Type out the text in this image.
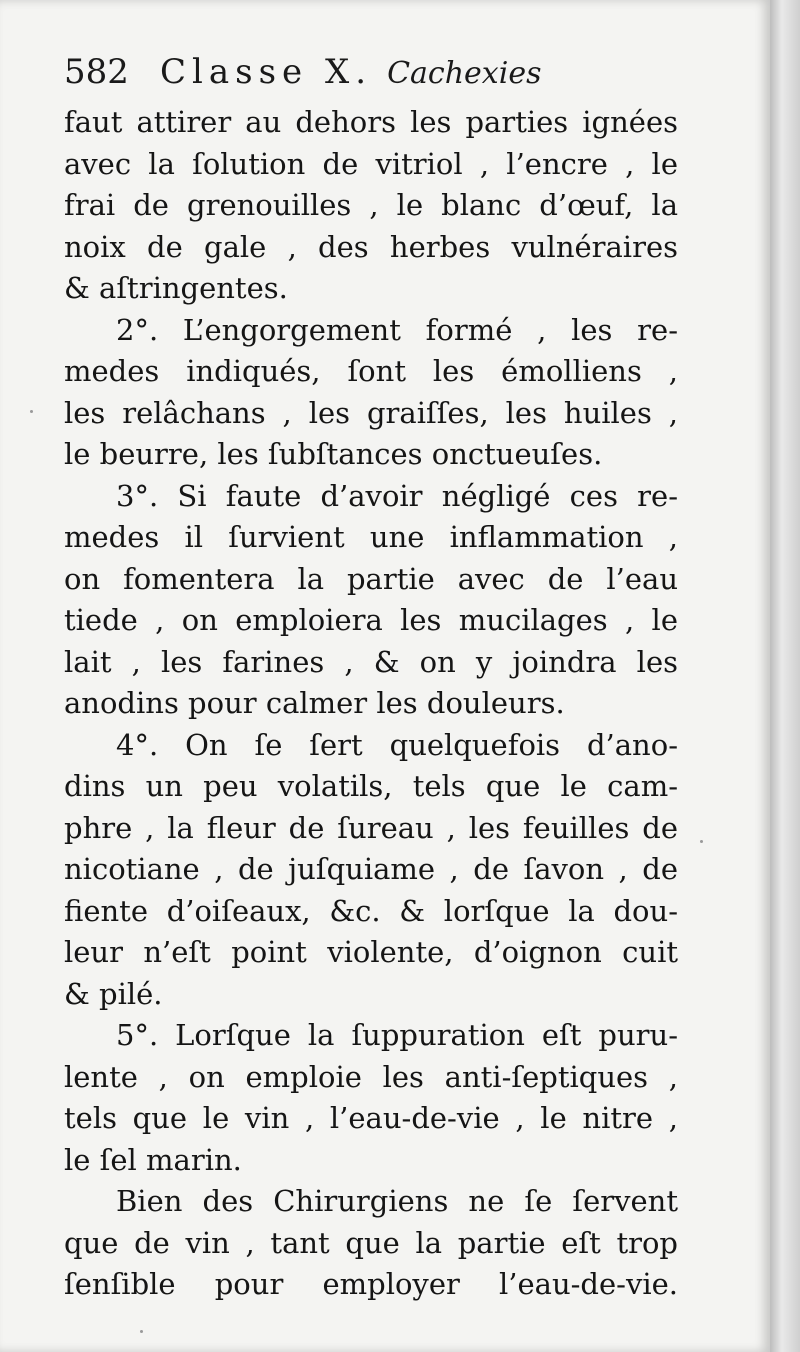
582 Classe X. Cachexies
faut attirer au dehors les parties ignées
avec la ſolution de vitriol , l’encre , le
frai de grenouilles , le blanc d’œuf, la
noix de gale , des herbes vulnéraires
& aſtringentes.
2°. L’engorgement formé , les re-
medes indiqués, ſont les émolliens ,
les relâchans , les graiſſes, les huiles ,
le beurre, les ſubſtances onctueuſes.
3°. Si faute d’avoir négligé ces re-
medes il ſurvient une inflammation ,
on fomentera la partie avec de l’eau
tiede , on emploiera les mucilages , le
lait , les farines , & on y joindra les
anodins pour calmer les douleurs.
4°. On ſe ſert quelquefois d’ano-
dins un peu volatils, tels que le cam-
phre , la fleur de ſureau , les feuilles de
nicotiane , de juſquiame , de ſavon , de
fiente d’oiſeaux, &c. & lorſque la dou-
leur n’eſt point violente, d’oignon cuit
& pilé.
5°. Lorſque la ſuppuration eſt puru-
lente , on emploie les anti-ſeptiques ,
tels que le vin , l’eau-de-vie , le nitre ,
le ſel marin.
Bien des Chirurgiens ne ſe ſervent
que de vin , tant que la partie eſt trop
ſenſible pour employer l’eau-de-vie.
